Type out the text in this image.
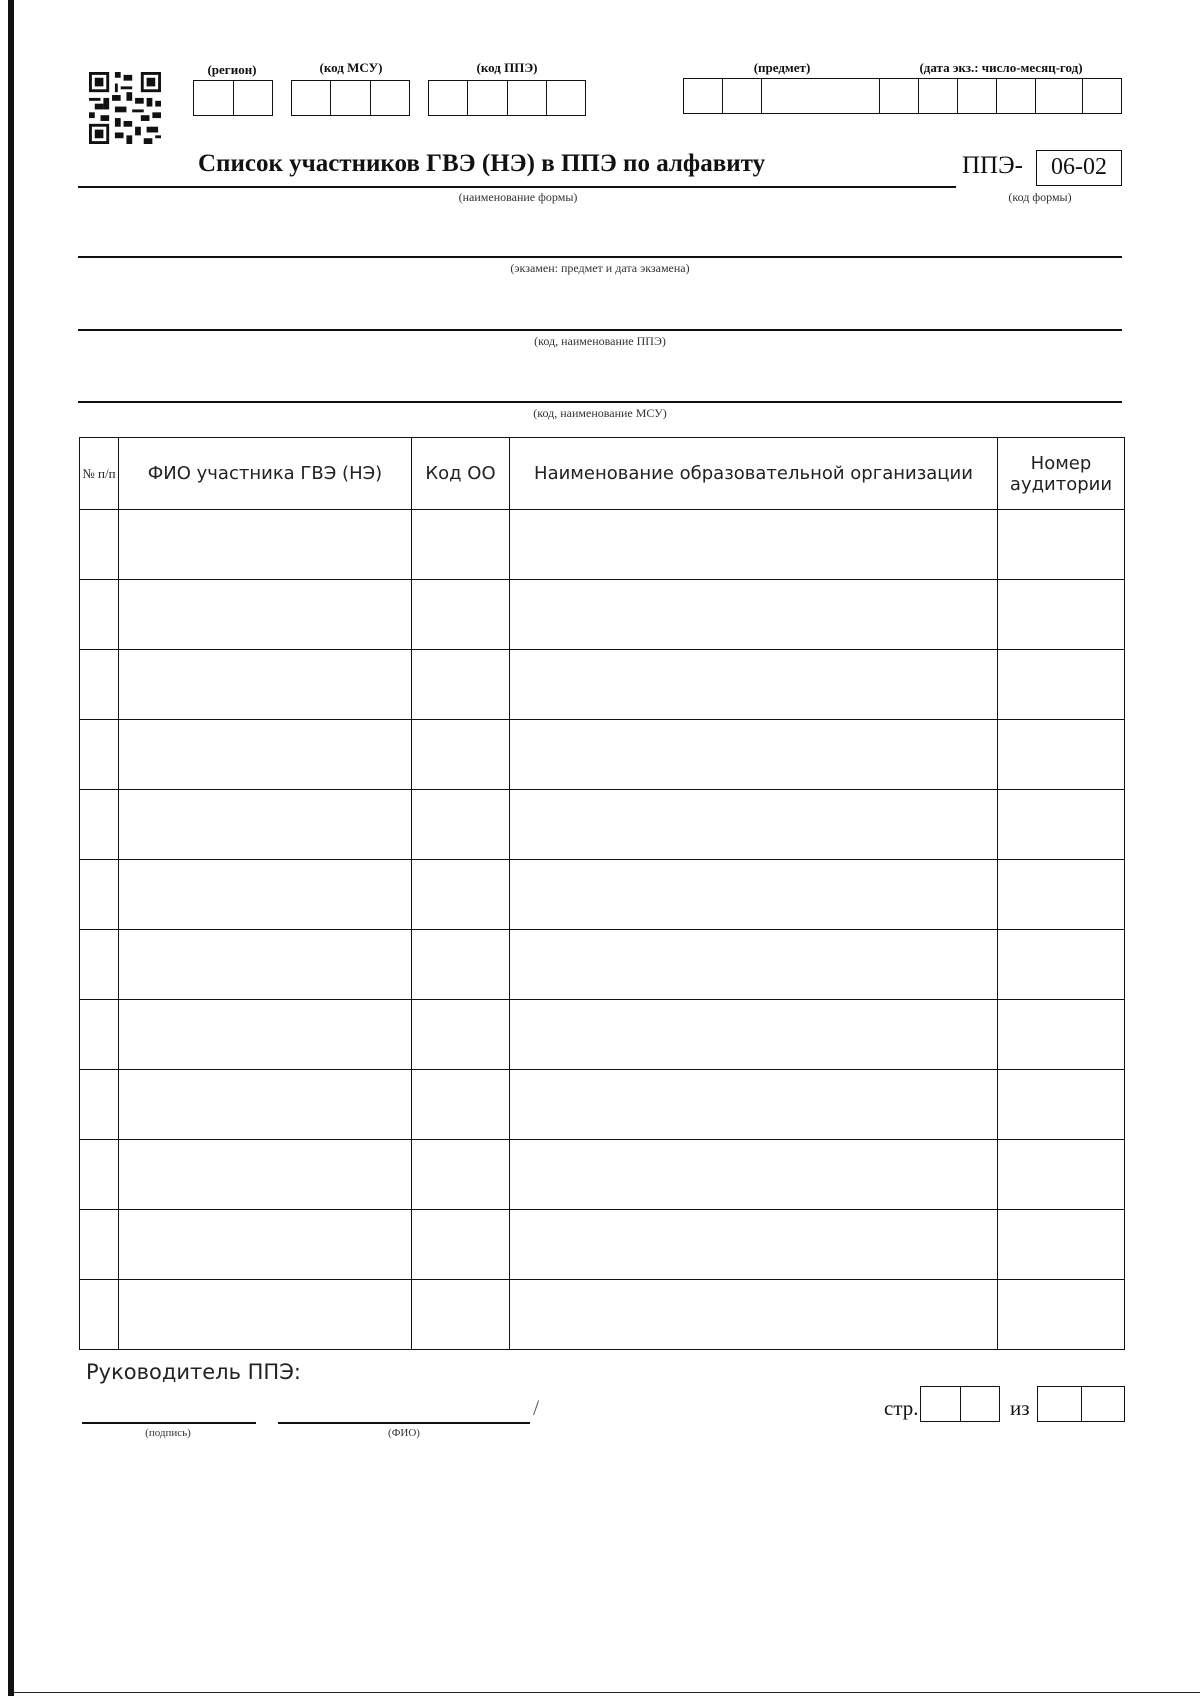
(регион)	(код МСУ)	(код ППЭ)	(предмет)	(дата экз.: число-месяц-год)
Список участников ГВЭ (НЭ) в ППЭ по алфавиту
(наименование формы)
ППЭ-	06-02
(код формы)
(экзамен: предмет и дата экзамена)
(код, наименование ППЭ)
(код, наименование МСУ)
№ п/п	ФИО участника ГВЭ (НЭ)	Код ОО	Наименование образовательной организации	Номер аудитории

Руководитель ППЭ:
/
(подпись)	(ФИО)
стр.	из
